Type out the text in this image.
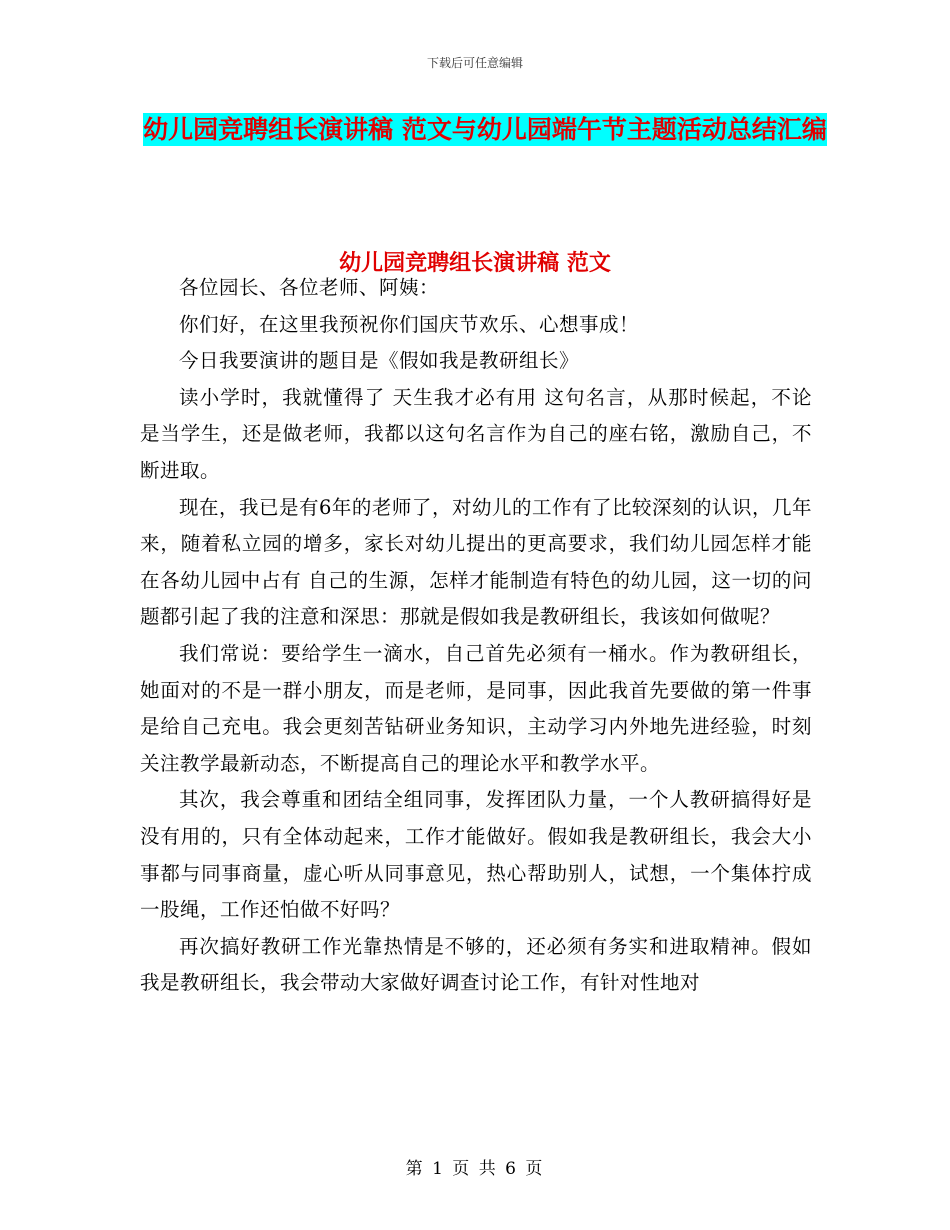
下载后可任意编辑
幼儿园竞聘组长演讲稿 范文与幼儿园端午节主题活动总结汇编
幼儿园竞聘组长演讲稿 范文

各位园长、各位老师、阿姨：

你们好，在这里我预祝你们国庆节欢乐、心想事成！

今日我要演讲的题目是《假如我是教研组长》

读小学时，我就懂得了 天生我才必有用 这句名言，从那时候起，不论是当学生，还是做老师，我都以这句名言作为自己的座右铭，激励自己，不断进取。

现在，我已是有6年的老师了，对幼儿的工作有了比较深刻的认识，几年来，随着私立园的增多，家长对幼儿提出的更高要求，我们幼儿园怎样才能在各幼儿园中占有 自己的生源，怎样才能制造有特色的幼儿园，这一切的问题都引起了我的注意和深思：那就是假如我是教研组长，我该如何做呢？

我们常说：要给学生一滴水，自己首先必须有一桶水。作为教研组长，她面对的不是一群小朋友，而是老师，是同事，因此我首先要做的第一件事是给自己充电。我会更刻苦钻研业务知识，主动学习内外地先进经验，时刻关注教学最新动态，不断提高自己的理论水平和教学水平。

其次，我会尊重和团结全组同事，发挥团队力量，一个人教研搞得好是没有用的，只有全体动起来，工作才能做好。假如我是教研组长，我会大小事都与同事商量，虚心听从同事意见，热心帮助别人，试想，一个集体拧成一股绳，工作还怕做不好吗？

再次搞好教研工作光靠热情是不够的，还必须有务实和进取精神。假如我是教研组长，我会带动大家做好调查讨论工作，有针对性地对

第 1 页 共 6 页
